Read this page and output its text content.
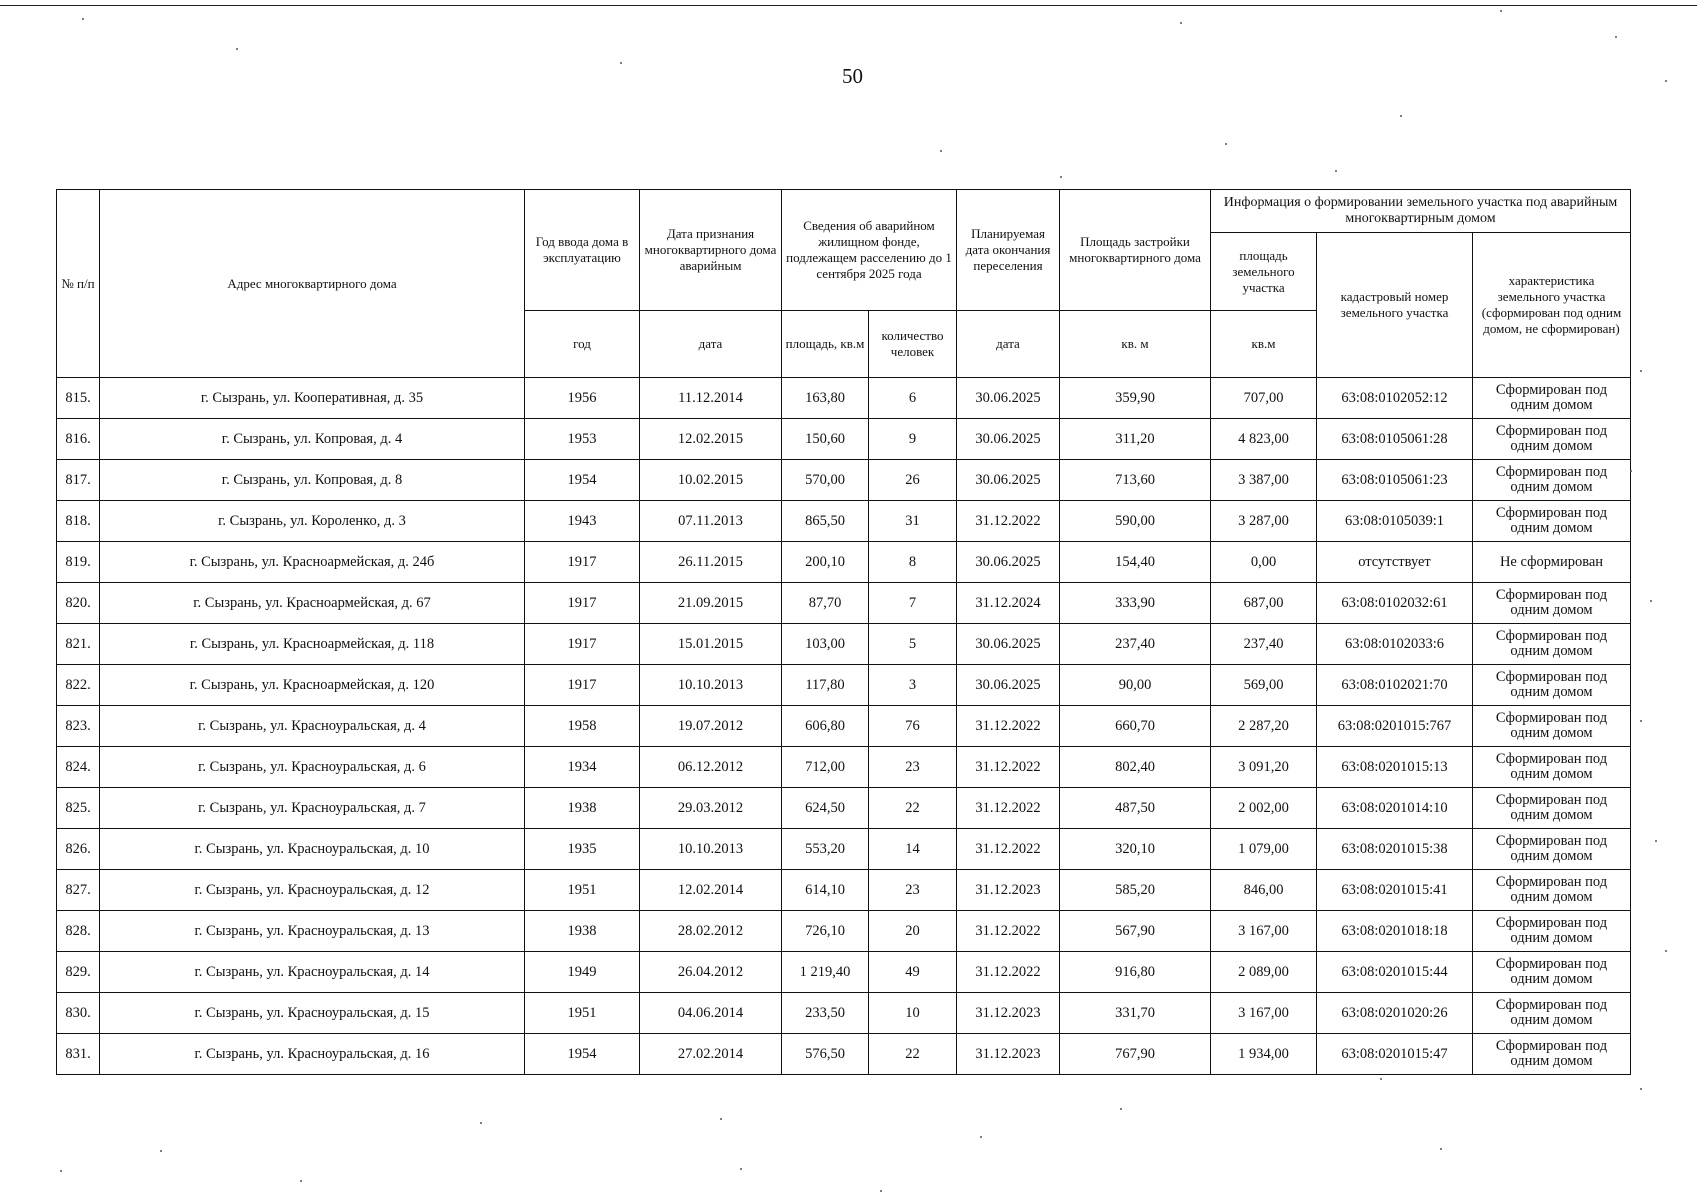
50
№ п/п	Адрес многоквартирного дома	Год ввода дома в эксплуатацию	Дата признания многоквартирного дома аварийным	Сведения об аварийном жилищном фонде, подлежащем расселению до 1 сентября 2025 года		Планируемая дата окончания переселения	Площадь застройки многоквартирного дома	Информация о формировании земельного участка под аварийным многоквартирным домом		
								площадь земельного участка	кадастровый номер земельного участка	характеристика земельного участка (сформирован под одним домом, не сформирован)
		год	дата	площадь, кв.м	количество человек	дата	кв. м	кв.м		
815.	г. Сызрань, ул. Кооперативная, д. 35	1956	11.12.2014	163,80	6	30.06.2025	359,90	707,00	63:08:0102052:12	Сформирован под одним домом
816.	г. Сызрань, ул. Копровая, д. 4	1953	12.02.2015	150,60	9	30.06.2025	311,20	4 823,00	63:08:0105061:28	Сформирован под одним домом
817.	г. Сызрань, ул. Копровая, д. 8	1954	10.02.2015	570,00	26	30.06.2025	713,60	3 387,00	63:08:0105061:23	Сформирован под одним домом
818.	г. Сызрань, ул. Короленко, д. 3	1943	07.11.2013	865,50	31	31.12.2022	590,00	3 287,00	63:08:0105039:1	Сформирован под одним домом
819.	г. Сызрань, ул. Красноармейская, д. 24б	1917	26.11.2015	200,10	8	30.06.2025	154,40	0,00	отсутствует	Не сформирован
820.	г. Сызрань, ул. Красноармейская, д. 67	1917	21.09.2015	87,70	7	31.12.2024	333,90	687,00	63:08:0102032:61	Сформирован под одним домом
821.	г. Сызрань, ул. Красноармейская, д. 118	1917	15.01.2015	103,00	5	30.06.2025	237,40	237,40	63:08:0102033:6	Сформирован под одним домом
822.	г. Сызрань, ул. Красноармейская, д. 120	1917	10.10.2013	117,80	3	30.06.2025	90,00	569,00	63:08:0102021:70	Сформирован под одним домом
823.	г. Сызрань, ул. Красноуральская, д. 4	1958	19.07.2012	606,80	76	31.12.2022	660,70	2 287,20	63:08:0201015:767	Сформирован под одним домом
824.	г. Сызрань, ул. Красноуральская, д. 6	1934	06.12.2012	712,00	23	31.12.2022	802,40	3 091,20	63:08:0201015:13	Сформирован под одним домом
825.	г. Сызрань, ул. Красноуральская, д. 7	1938	29.03.2012	624,50	22	31.12.2022	487,50	2 002,00	63:08:0201014:10	Сформирован под одним домом
826.	г. Сызрань, ул. Красноуральская, д. 10	1935	10.10.2013	553,20	14	31.12.2022	320,10	1 079,00	63:08:0201015:38	Сформирован под одним домом
827.	г. Сызрань, ул. Красноуральская, д. 12	1951	12.02.2014	614,10	23	31.12.2023	585,20	846,00	63:08:0201015:41	Сформирован под одним домом
828.	г. Сызрань, ул. Красноуральская, д. 13	1938	28.02.2012	726,10	20	31.12.2022	567,90	3 167,00	63:08:0201018:18	Сформирован под одним домом
829.	г. Сызрань, ул. Красноуральская, д. 14	1949	26.04.2012	1 219,40	49	31.12.2022	916,80	2 089,00	63:08:0201015:44	Сформирован под одним домом
830.	г. Сызрань, ул. Красноуральская, д. 15	1951	04.06.2014	233,50	10	31.12.2023	331,70	3 167,00	63:08:0201020:26	Сформирован под одним домом
831.	г. Сызрань, ул. Красноуральская, д. 16	1954	27.02.2014	576,50	22	31.12.2023	767,90	1 934,00	63:08:0201015:47	Сформирован под одним домом
